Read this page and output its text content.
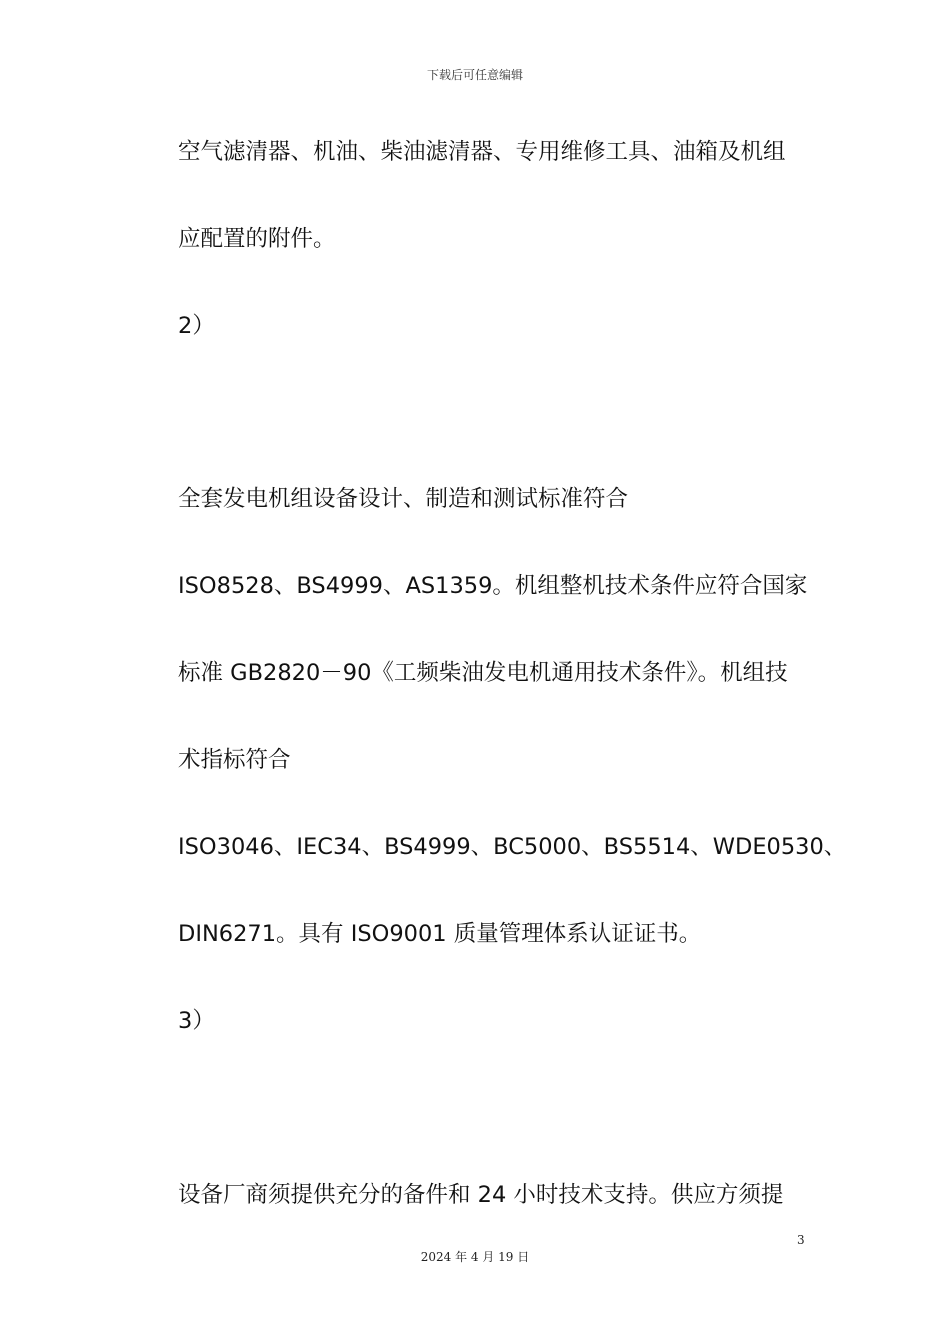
下载后可任意编辑
空气滤清器、机油、柴油滤清器、专用维修工具、油箱及机组
应配置的附件。
2）
全套发电机组设备设计、制造和测试标准符合
ISO8528、BS4999、AS1359。机组整机技术条件应符合国家
标准 GB2820－90《工频柴油发电机通用技术条件》。机组技
术指标符合
ISO3046、IEC34、BS4999、BC5000、BS5514、WDE0530、
DIN6271。具有 ISO9001 质量管理体系认证证书。
3）
设备厂商须提供充分的备件和 24 小时技术支持。供应方须提
3
2024 年 4 月 19 日
